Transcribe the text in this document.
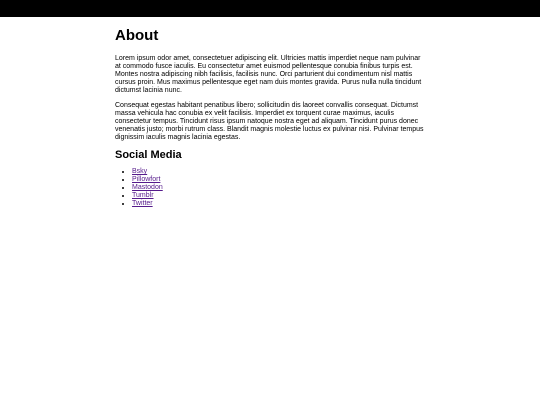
About

Lorem ipsum odor amet, consectetuer adipiscing elit. Ultricies mattis imperdiet neque nam pulvinar at commodo fusce iaculis. Eu consectetur amet euismod pellentesque conubia finibus turpis est. Montes nostra adipiscing nibh facilisis, facilisis nunc. Orci parturient dui condimentum nisl mattis cursus proin. Mus maximus pellentesque eget nam duis montes gravida. Purus nulla nulla tincidunt dictumst lacinia nunc.

Consequat egestas habitant penatibus libero; sollicitudin dis laoreet convallis consequat. Dictumst massa vehicula hac conubia ex velit facilisis. Imperdiet ex torquent curae maximus, iaculis consectetur tempus. Tincidunt risus ipsum natoque nostra eget ad aliquam. Tincidunt purus donec venenatis justo; morbi rutrum class. Blandit magnis molestie luctus ex pulvinar nisi. Pulvinar tempus dignissim iaculis magnis lacinia egestas.

Social Media
• Bsky
• Pillowfort
• Mastodon
• Tumblr
• Twitter
